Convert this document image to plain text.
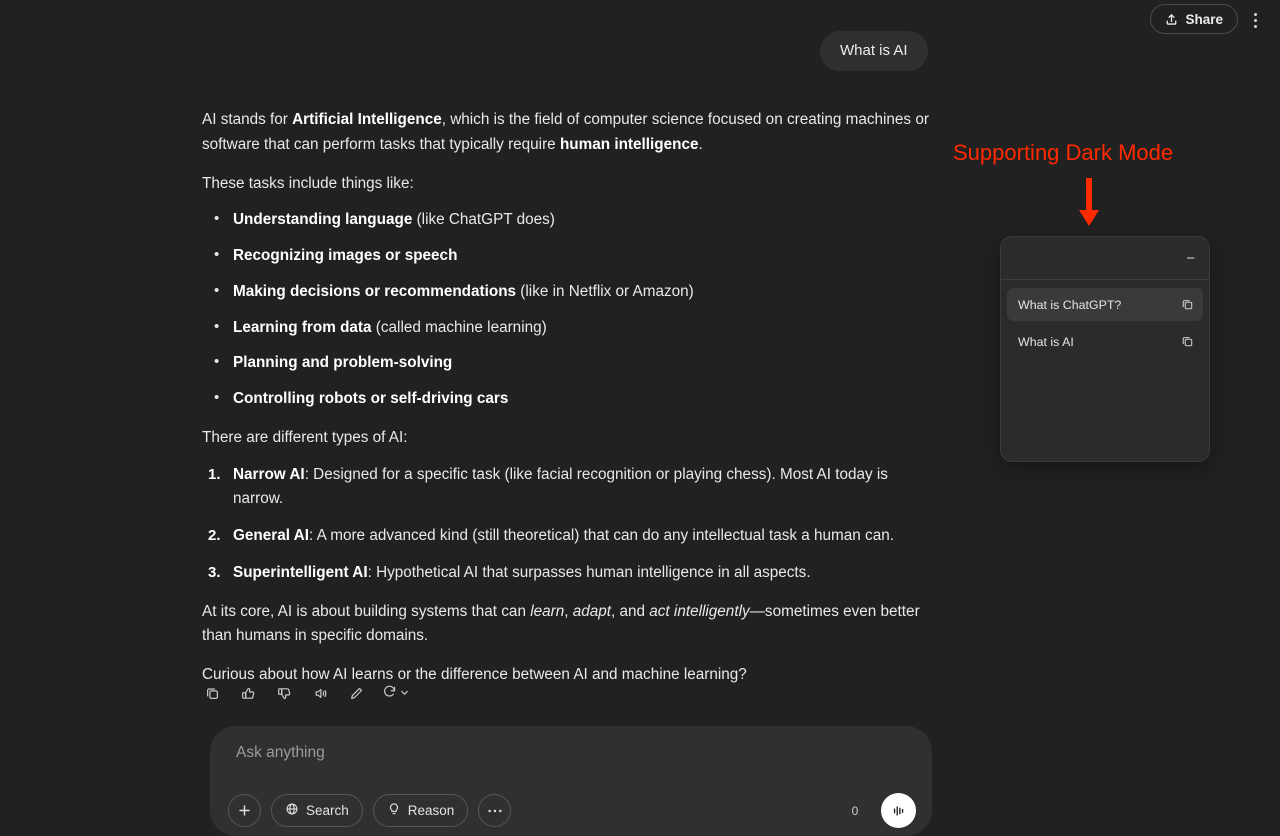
Share
What is AI

AI stands for Artificial Intelligence, which is the field of computer science focused on creating machines or software that can perform tasks that typically require human intelligence.

These tasks include things like:

• Understanding language (like ChatGPT does)
• Recognizing images or speech
• Making decisions or recommendations (like in Netflix or Amazon)
• Learning from data (called machine learning)
• Planning and problem-solving
• Controlling robots or self-driving cars

There are different types of AI:

Narrow AI: Designed for a specific task (like facial recognition or playing chess). Most AI today is narrow.
General AI: A more advanced kind (still theoretical) that can do any intellectual task a human can.
Superintelligent AI: Hypothetical AI that surpasses human intelligence in all aspects.

At its core, AI is about building systems that can learn, adapt, and act intelligently—sometimes even better than humans in specific domains.

Curious about how AI learns or the difference between AI and machine learning?

Ask anything
Search	Reason	0
Supporting Dark Mode
−
What is ChatGPT?
What is AI
